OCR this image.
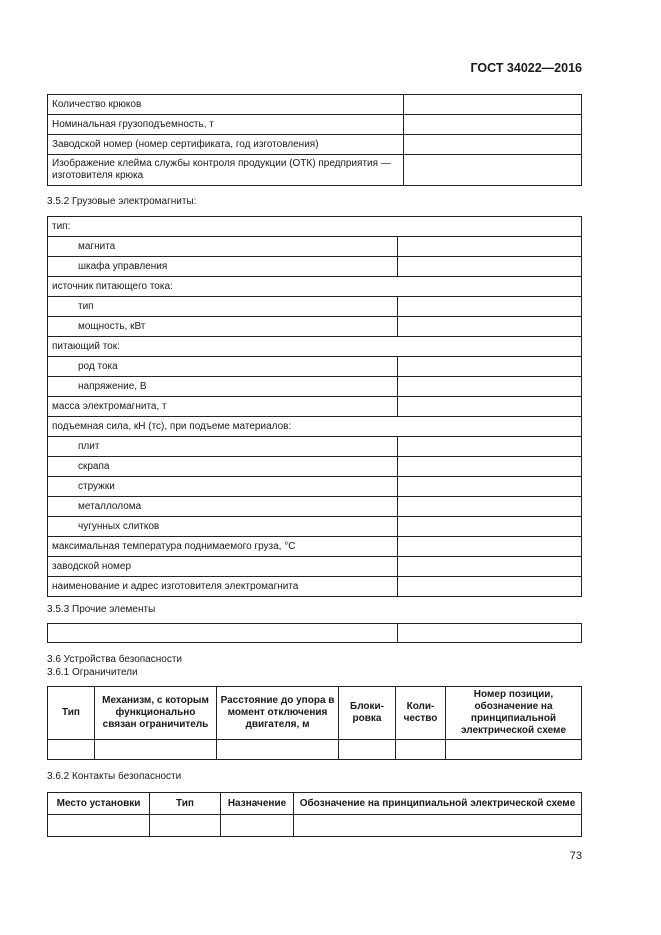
ГОСТ 34022—2016
Количество крюков	
Номинальная грузоподъемность, т	
Заводской номер (номер сертификата, год изготовления)	
Изображение клейма службы контроля продукции (ОТК) предприятия — изготовителя крюка	
3.5.2 Грузовые электромагниты:
тип:	
магнита	
шкафа управления	
источник питающего тока:	
тип	
мощность, кВт	
питающий ток:	
род тока	
напряжение, В	
масса электромагнита, т	
подъемная сила, кН (тс), при подъеме материалов:	
плит	
скрапа	
стружки	
металлолома	
чугунных слитков	
максимальная температура поднимаемого груза, °С	
заводской номер	
наименование и адрес изготовителя электромагнита	
3.5.3 Прочие элементы

3.6 Устройства безопасности
3.6.1 Ограничители
Тип	Механизм, с которым функционально связан ограничитель	Расстояние до упора в момент отключения двигателя, м	Блоки-ровка	Коли-чество	Номер позиции, обозначение на принципиальной электрической схеме

3.6.2 Контакты безопасности
Место установки	Тип	Назначение	Обозначение на принципиальной электрической схеме

73
